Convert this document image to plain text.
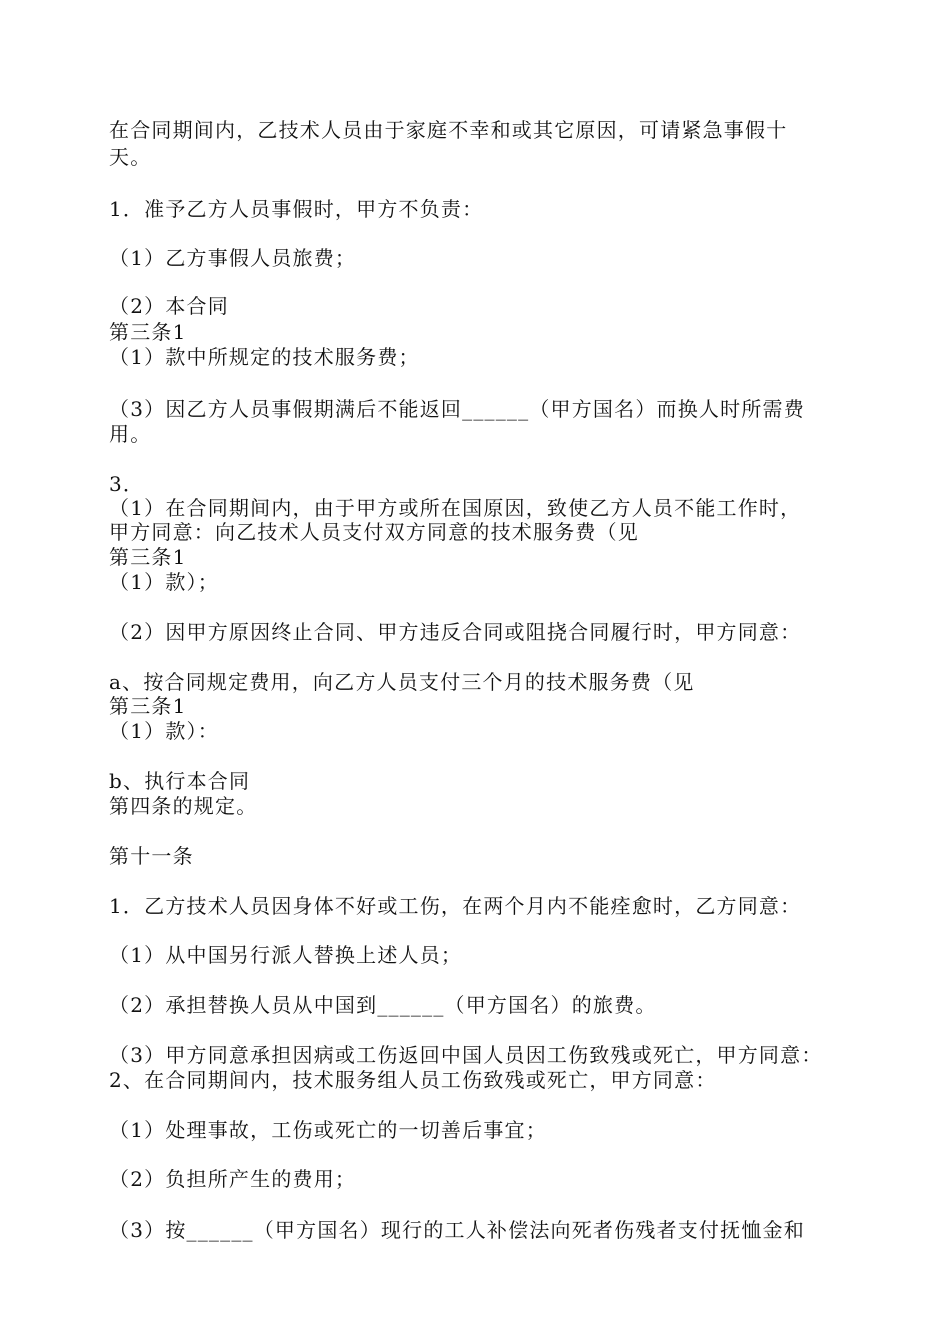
在合同期间内，乙技术人员由于家庭不幸和或其它原因，可请紧急事假十
天。
1．准予乙方人员事假时，甲方不负责：
（1）乙方事假人员旅费；
（2）本合同
第三条1
（1）款中所规定的技术服务费；
（3）因乙方人员事假期满后不能返回______（甲方国名）而换人时所需费
用。
3．
（1）在合同期间内，由于甲方或所在国原因，致使乙方人员不能工作时，
甲方同意：向乙技术人员支付双方同意的技术服务费（见
第三条1
（1）款）；
（2）因甲方原因终止合同、甲方违反合同或阻挠合同履行时，甲方同意：
a、按合同规定费用，向乙方人员支付三个月的技术服务费（见
第三条1
（1）款）：
b、执行本合同
第四条的规定。
第十一条
1．乙方技术人员因身体不好或工伤，在两个月内不能痊愈时，乙方同意：
（1）从中国另行派人替换上述人员；
（2）承担替换人员从中国到______（甲方国名）的旅费。
（3）甲方同意承担因病或工伤返回中国人员因工伤致残或死亡，甲方同意：
2、在合同期间内，技术服务组人员工伤致残或死亡，甲方同意：
（1）处理事故，工伤或死亡的一切善后事宜；
（2）负担所产生的费用；
（3）按______（甲方国名）现行的工人补偿法向死者伤残者支付抚恤金和
